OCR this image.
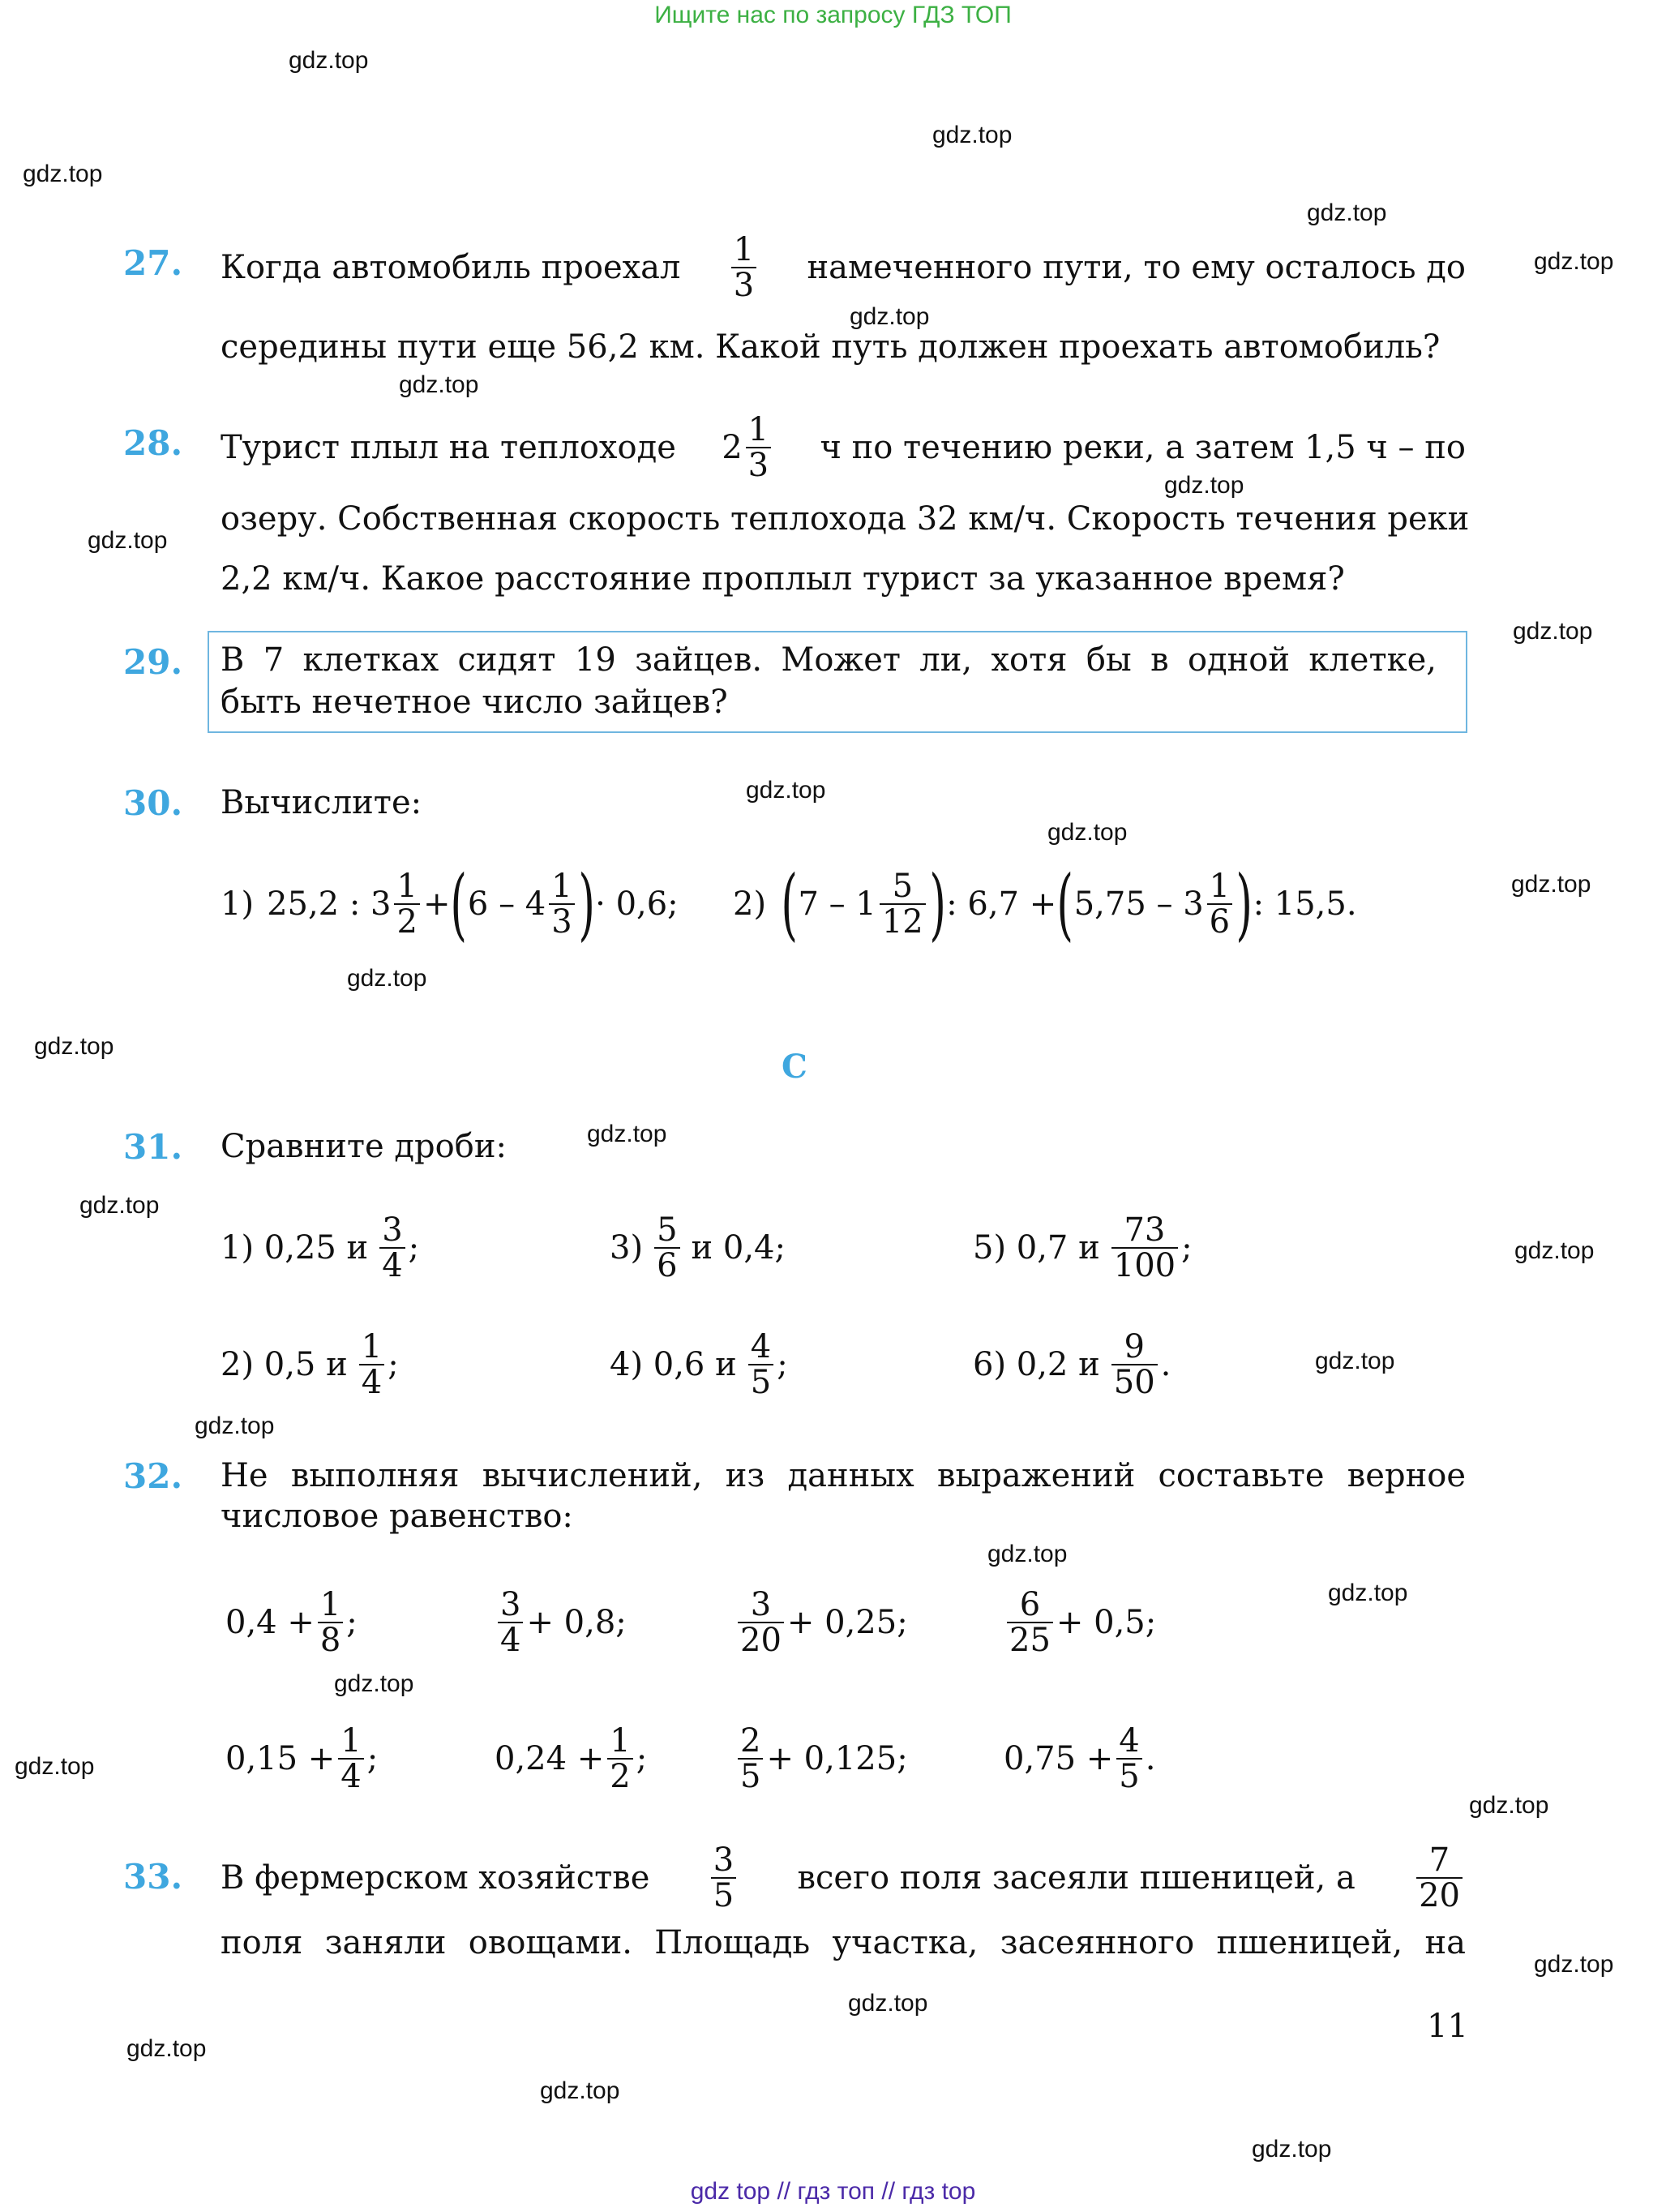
Ищите нас по запросу ГДЗ ТОП
gdz.top
gdz.top
gdz.top
gdz.top
gdz.top
gdz.top
gdz.top
gdz.top
gdz.top
gdz.top
gdz.top
gdz.top
gdz.top
gdz.top
gdz.top
gdz.top
gdz.top
gdz.top
gdz.top
gdz.top
gdz.top
gdz.top
gdz.top
gdz.top
gdz.top
gdz.top
gdz.top
gdz.top
gdz.top
gdz.top
27. Когда автомобиль проехал $\frac{1}{3}$ намеченного пути, то ему осталось до
середины пути еще 56,2 км. Какой путь должен проехать автомобиль?
28. Турист плыл на теплоходе $2 \frac{1}{3}$ ч по течению реки, а затем 1,5 ч – по
озеру. Собственная скорость теплохода 32 км/ч. Скорость течения реки
2,2 км/ч. Какое расстояние проплыл турист за указанное время?
29. В 7 клетках сидят 19 зайцев. Может ли, хотя бы в одной клетке,
быть нечетное число зайцев?
30. Вычислите:
1) 25,2 : $3 \frac{1}{2}$ + ( $6 - 4 \frac{1}{3}$ ) · 0,6; 2) ( $7 - 1 \frac{5}{12}$ ) : 6,7 + ( $5,75 - 3 \frac{1}{6}$ ) : 15,5.
C
31. Сравните дроби:
1) 0,25 и $\frac{3}{4}$ ;	$3) \frac{5}{6}$ и 0,4;	5) 0,7 и $\frac{73}{100}$ ;
2) 0,5 и $\frac{1}{4}$ ;	4) 0,6 и $\frac{4}{5}$ ;	6) 0,2 и $\frac{9}{50}$ .
32. Не выполняя вычислений, из данных выражений составьте верное
числовое равенство:
$0,4 + \frac{1}{8}$ ;	$\frac{3}{4} + 0,8$;	$\frac{3}{20} + 0,25$;	$\frac{6}{25} + 0,5$;
$0,15 + \frac{1}{4}$ ;	$0,24 + \frac{1}{2}$ ;	$\frac{2}{5} + 0,125$;	$0,75 + \frac{4}{5}$ .
33. В фермерском хозяйстве $\frac{3}{5}$ всего поля засеяли пшеницей, а $\frac{7}{20}$
поля заняли овощами. Площадь участка, засеянного пшеницей, на
11
gdz top // гдз топ // гдз top
